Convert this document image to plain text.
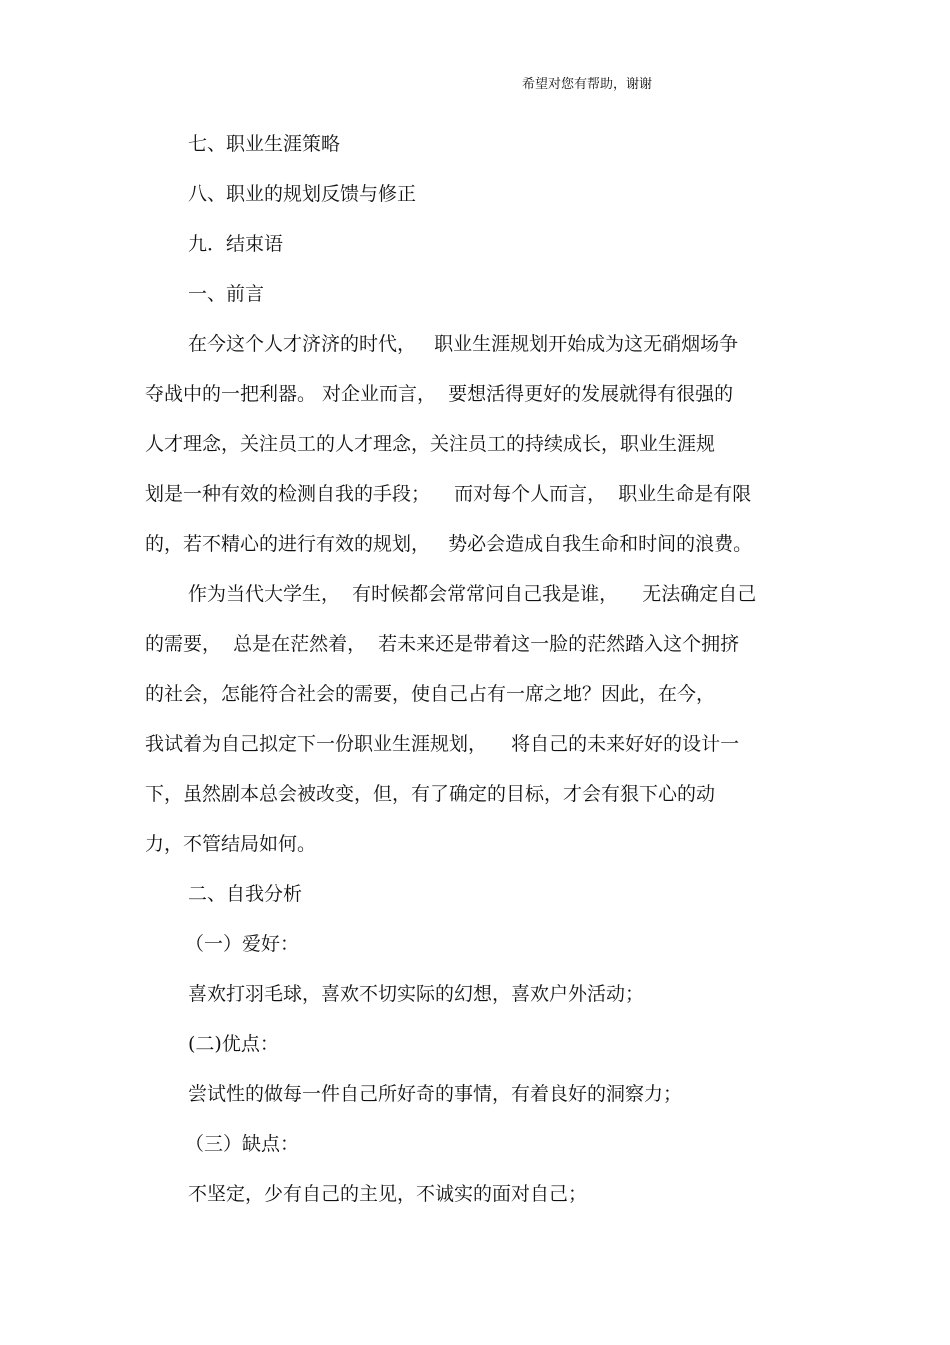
希望对您有帮助，谢谢
七、职业生涯策略
八、职业的规划反馈与修正
九．结束语
一、前言
在今这个人才济济的时代，   职业生涯规划开始成为这无硝烟场争
夺战中的一把利器。 对企业而言，  要想活得更好的发展就得有很强的
人才理念，关注员工的人才理念，关注员工的持续成长，职业生涯规
划是一种有效的检测自我的手段；    而对每个人而言，  职业生命是有限
的，若不精心的进行有效的规划，   势必会造成自我生命和时间的浪费。
作为当代大学生，  有时候都会常常问自己我是谁，    无法确定自己
的需要，  总是在茫然着，  若未来还是带着这一脸的茫然踏入这个拥挤
的社会，怎能符合社会的需要，使自己占有一席之地？因此，在今，
我试着为自己拟定下一份职业生涯规划，    将自己的未来好好的设计一
下，虽然剧本总会被改变，但，有了确定的目标，才会有狠下心的动
力，不管结局如何。
二、自我分析
（一）爱好：
喜欢打羽毛球，喜欢不切实际的幻想，喜欢户外活动；
(二)优点：
尝试性的做每一件自己所好奇的事情，有着良好的洞察力；
（三）缺点：
不坚定，少有自己的主见，不诚实的面对自己；
